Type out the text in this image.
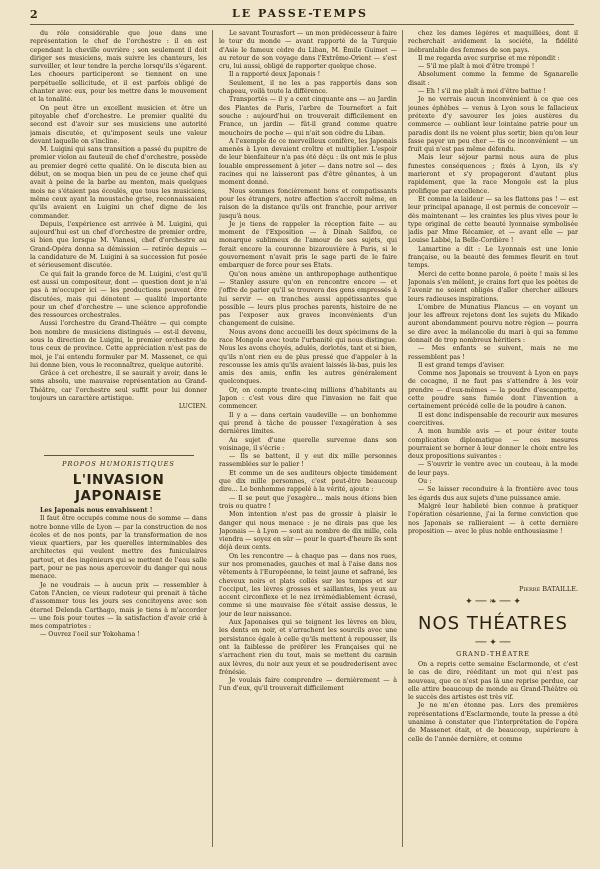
2	LE PASSE-TEMPS

du rôle considérable que joue dans une représentation le chef de l'orchestre : il en est cependant la cheville ouvrière ; son seulement il doit diriger ses musiciens, mais suivre les chanteurs, les surveiller, et leur tendre la perche lorsqu'ils s'égarent. Les choeurs participeront se tiennent en une perpétuelle sollicitude, et il est parfois obligé de chanter avec eux, pour les mettre dans le mouvement et la tonalité.

On peut être un excellent musicien et être un pitoyable chef d'orchestre. Le premier qualité du second est d'avoir sur ses musiciens une autorité jamais discutée, et qu'imposent seuls une valeur devant laquelle on s'incline.

M. Luigini qui sans transition a passé du pupitre de premier violon au fauteuil de chef d'orchestre, possède au premier degré cette qualité. On le discuta bien au début, on se moqua bien un peu de ce jeune chef qui avait à peine de la barbe au menton, mais quelques mois ne s'étaient pas écoulés, que tous les musiciens, même ceux ayant la moustache grise, reconnaissaient qu'ils avaient en Luigini un chef digne de les commander.

Depuis, l'expérience est arrivée à M. Luigini, qui aujourd'hui est un chef d'orchestre de premier ordre, si bien que lorsque M. Vianesi, chef d'orchestre au Grand-Opéra donna sa démission — retirée depuis — la candidature de M. Luigini à sa succession fut posée et sérieusement discutée.

Ce qui fait la grande force de M. Luigini, c'est qu'il est aussi un compositeur, dont — question dont je n'ai pas à m'occuper ici — les productions peuvent être discutées, mais qui dénotent — qualité importante pour un chef d'orchestre — une science approfondie des ressources orchestrales.

Aussi l'orchestre du Grand-Théâtre — qui compte bon nombre de musiciens distingués — est-il devenu, sous la direction de Luigini, le premier orchestre de tous ceux de province. Cette appréciation n'est pas de moi, je l'ai entendu formuler par M. Massenet, ce qui lui donne bien, vous le reconnaîtrez, quelque autorité.

Grâce à cet orchestre, il se saurait y avoir, dans le sens absolu, une mauvaise représentation au Grand-Théâtre, car l'orchestre seul suffit pour lui donner toujours un caractère artistique.

LUCIEN.

PROPOS HUMORISTIQUES
L'INVASION JAPONAISE

Les Japonais nous envahissent !

Il faut être occupés comme nous de somme — dans notre bonne ville de Lyon — par la construction de nos écoles et de nos ponts, par la transformation de nos vieux quartiers, par les querelles interminables des architectes qui veulent mettre des funiculaires partout, et des ingénieurs qui se mettent de l'eau salle part, pour ne pas nous apercevoir du danger qui nous menace.

Je ne voudrais — à aucun prix — ressembler à Caton l'Ancien, ce vieux radoteur qui prenait à tâche d'assommer tous les jours ses concitoyens avec son éternel Delenda Carthago, mais je tiens à m'accorder — une fois pour toutes — la satisfaction d'avoir crié à mes compatriotes :

— Ouvrez l'oeil sur Yokohama !

Le savant Tourasfort — un mon prédécesseur à faire le tour du monde — avant rapporté de la Turquie d'Asie le fameux cèdre du Liban, M. Émile Guimet — au retour de son voyage dans l'Extrême-Orient — s'est cru, lui aussi, obligé de rapporter quelque chose.

Il a rapporté deux Japonais !

Seulement, il ne les a pas rapportés dans son chapeau, voilà toute la différence.

Transportés — il y a cent cinquante ans — au Jardin des Plantes de Paris, l'arbre de Tournefort a fait souche : aujourd'hui on trouverait difficilement en France, un jardin — fût-il grand comme quatre mouchoirs de poche — qui n'ait son cèdre du Liban.

A l'exemple de ce merveilleux conifère, les Japonais amenés à Lyon devaient croître et multiplier. L'espoir de leur bienfaiteur n'a pas été déçu : ils ont mis le plus louable empressement à jeter — dans notre sol — des racines qui ne laisseront pas d'être gênantes, à un moment donné.

Nous sommes foncièrement bons et compatissants pour les étrangers, notre affection s'accroît même, en raison de la distance qu'ils ont franchie, pour arriver jusqu'à nous.

Je je tiens de rappeler la réception faite — au moment de l'Exposition — à Dinah Salifou, ce monarque sublimeux de l'amour de ses sujets, qui ferait encore la couronne bizarouvière à Paris, si le gouvernement n'avait pris le sage parti de le faire embarquer de force pour ses États.

Qu'on nous amène un anthropophage authentique — Stanley assure qu'on en rencontre encore — et j'offre de parier qu'il se trouvera des gens empressés à lui servir — en tranches aussi appétissantes que possible — leurs plus proches parents, histoire de ne pas l'exposer aux graves inconvénients d'un changement de cuisine.

Nous avons donc accueilli les deux spécimens de la race Mongole avec toute l'urbanité qui nous distingue. Nous les avons choyés, adulés, dorlotés, tant et si bien, qu'ils n'ont rien eu de plus pressé que d'appeler à la rescousse les amis qu'ils avaient laissés là-bas, puis les amis des amis, enfin les autres généralement quelconques.

Or, on compte trente-cinq millions d'habitants au Japon : c'est vous dire que l'invasion ne fait que commencer.

Il y a — dans certain vaudeville — un bonhomme qui prend à tâche de pousser l'exagération à ses dernières limites.

Au sujet d'une querelle survenue dans son voisinage, il s'écrie :

— Ils se battent, il y eut dix mille personnes rassemblées sur le palier !

Et comme un de ses auditeurs objecte timidement que dix mille personnes, c'est peut-être beaucoup dire... Le bonhomme rappelé à la vérité, ajoute :

— Il se peut que j'exagère... mais nous étions bien trois ou quatre !

Mon intention n'est pas de grossir à plaisir le danger qui nous menace : je ne dirais pas que les Japonais — à Lyon — sont au nombre de dix mille, cela viendra — soyez en sûr — pour le quart-d'heure ils sont déjà deux cents.

On les rencontre — à chaque pas — dans nos rues, sur nos promenades, gauches et mal à l'aise dans nos vêtements à l'Européenne, le teint jaune et safrané, les cheveux noirs et plats collés sur les tempes et sur l'occiput, les lèvres grosses et saillantes, les yeux au accent circonflexe et le nez irrémédiablement écrasé, comme si une mauvaise fée s'était assise dessus, le jour de leur naissance.

Aux Japonaises qui se teignent les lèvres en bleu, les dents en noir, et s'arrachent les sourcils avec une persistance égale à celle qu'ils mettent à repousser, ils ont la faiblesse de préférer les Françaises qui ne s'arrachent rien du tout, mais se mettent du carmin aux lèvres, du noir aux yeux et se poudrederisent avec frénésie.

Je voulais faire comprendre — dernièrement — à l'un d'eux, qu'il trouverait difficilement

chez les dames légères et maquillées, dont il recherchait avidement la société, la fidélité inébranlable des femmes de son pays.

Il me regarda avec surprise et me répondit :

— S'il me plaît à moi d'être trompé !

Absolument comme la femme de Sganarelle disait :

— Eh ! s'il me plaît à moi d'être battue !

Je ne verrais aucun inconvénient à ce que ces jeunes éphèbes — venus à Lyon sous le fallacieux prétexte d'y savourer les joies austères du commerce — oubliant leur lointaine patrie pour un paradis dont ils ne voient plus sortir, bien qu'on leur fasse payer un peu cher — tis ce inconvénient — un fruit qui n'est pas même défendu.

Mais leur séjour parmi nous aura de plus funestes conséquences ; fixés à Lyon, ils s'y marieront et s'y propageront d'autant plus rapidement, que la race Mongole est la plus prolifique par excellence.

Et comme la laideur — sa les flattons pas ! — est leur principal apanage, il est permis de concevoir — dès maintenant — les craintes les plus vives pour le type original de cette beauté lyonnaise symbolisée jadis par Mme Récamier, et — avant elle — par Louise Labbé, la Belle-Cordière !

Lamartine a dit : Le Lyonnais est une lonie française, ou la beauté des femmes fleurit en tout temps.

Merci de cette bonne parole, ô poète ! mais si les Japonais s'en mêlent, je crains fort que les poètes de l'avenir ne soient obligés d'aller chercher ailleurs leurs radieuses inspirations.

L'ombre de Munatius Plancus — en voyant un jour les affreux rejetons dont les sujets du Mikado auront abondamment pourvu notre région — pourra se dire avec la mélancolie du mari à qui sa femme donnait de trop nombreux héritiers :

— Mes enfants se suivent, mais ne me ressemblent pas !

Il est grand temps d'aviser.

Comme nos Japonais se trouvent à Lyon en pays de cocagne, il ne faut pas s'attendre à les voir prendre — d'eux-mêmes — la poudre d'escampette, cette poudre sans fumée dont l'invention a certainement précédé celle de la poudre à canon.

Il est donc indispensable de recourir aux mesures coercitives.

A mon humble avis — et pour éviter toute complication diplomatique — ces mesures pourraient se borner à leur donner le choix entre les deux propositions suivantes :

— S'ouvrir le ventre avec un couteau, à la mode de leur pays.

Ou :

— Se laisser reconduire à la frontière avec tous les égards dus aux sujets d'une puissance amie.

Malgré leur habileté bien connue à pratiquer l'opération césarienne, j'ai la ferme conviction que nos Japonais se rallieraient — à cette dernière proposition — avec le plus noble enthousiasme !

Pierre BATAILLE.

✦ ── ❧ ── ✦
NOS THÉATRES
── ✦ ──
GRAND-THÉATRE

On a repris cette semaine Esclarmonde, et c'est le cas de dire, rééditant un mot qui n'est pas nouveau, que ce n'est pas là une reprise perdue, car elle attire beaucoup de monde au Grand-Théâtre où le succès des artistes est très vif.

Je ne m'en étonne pas. Lors des premières représentations d'Esclarmonde, toute la presse a été unanime à constater que l'interprétation de l'opéra de Massenet était, et de beaucoup, supérieure à celle de l'année dernière, et comme
